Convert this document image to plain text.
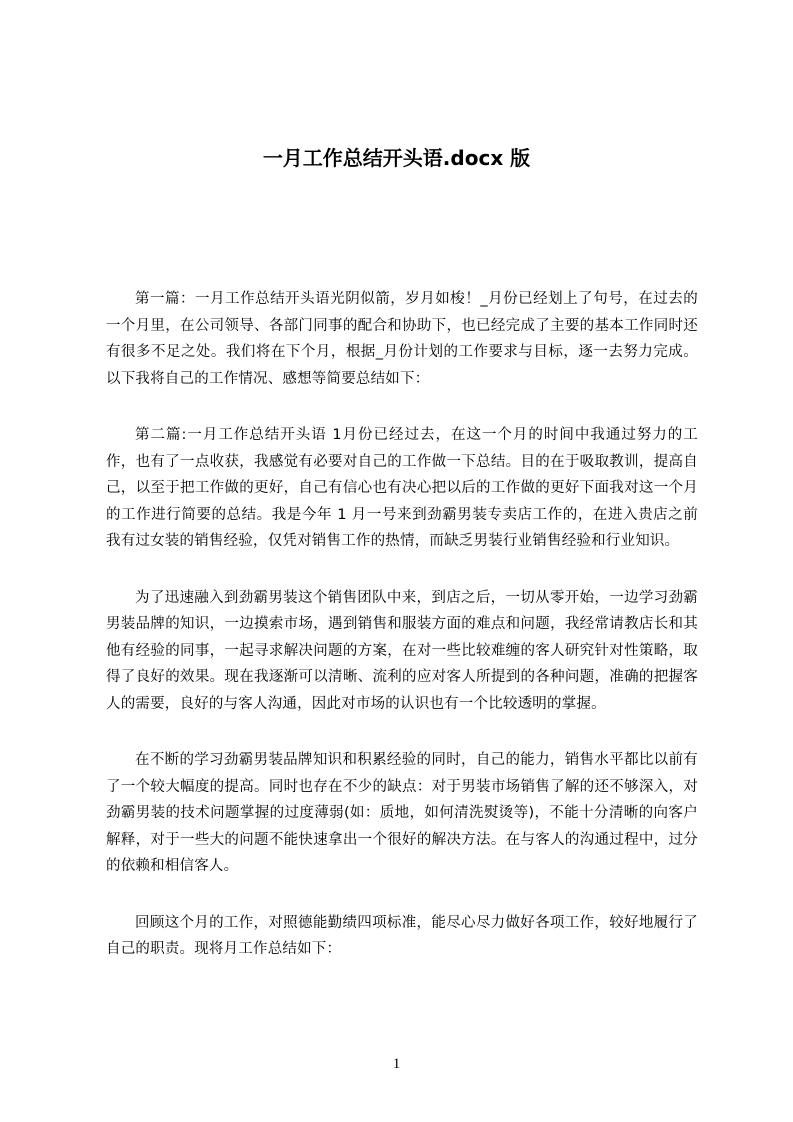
一月工作总结开头语.docx 版

第一篇：一月工作总结开头语光阴似箭，岁月如梭！_月份已经划上了句号，在过去的一个月里，在公司领导、各部门同事的配合和协助下，也已经完成了主要的基本工作同时还有很多不足之处。我们将在下个月，根据_月份计划的工作要求与目标，逐一去努力完成。以下我将自己的工作情况、感想等简要总结如下：

第二篇:一月工作总结开头语 1月份已经过去，在这一个月的时间中我通过努力的工作，也有了一点收获，我感觉有必要对自己的工作做一下总结。目的在于吸取教训，提高自己，以至于把工作做的更好，自己有信心也有决心把以后的工作做的更好下面我对这一个月的工作进行简要的总结。我是今年 1 月一号来到劲霸男装专卖店工作的，在进入贵店之前我有过女装的销售经验，仅凭对销售工作的热情，而缺乏男装行业销售经验和行业知识。

为了迅速融入到劲霸男装这个销售团队中来，到店之后，一切从零开始，一边学习劲霸男装品牌的知识，一边摸索市场，遇到销售和服装方面的难点和问题，我经常请教店长和其他有经验的同事，一起寻求解决问题的方案，在对一些比较难缠的客人研究针对性策略，取得了良好的效果。现在我逐渐可以清晰、流利的应对客人所提到的各种问题，准确的把握客人的需要，良好的与客人沟通，因此对市场的认识也有一个比较透明的掌握。

在不断的学习劲霸男装品牌知识和积累经验的同时，自己的能力，销售水平都比以前有了一个较大幅度的提高。同时也存在不少的缺点：对于男装市场销售了解的还不够深入，对劲霸男装的技术问题掌握的过度薄弱(如：质地，如何清洗熨烫等)，不能十分清晰的向客户解释，对于一些大的问题不能快速拿出一个很好的解决方法。在与客人的沟通过程中，过分的依赖和相信客人。

回顾这个月的工作，对照德能勤绩四项标准，能尽心尽力做好各项工作，较好地履行了自己的职责。现将月工作总结如下：

1
